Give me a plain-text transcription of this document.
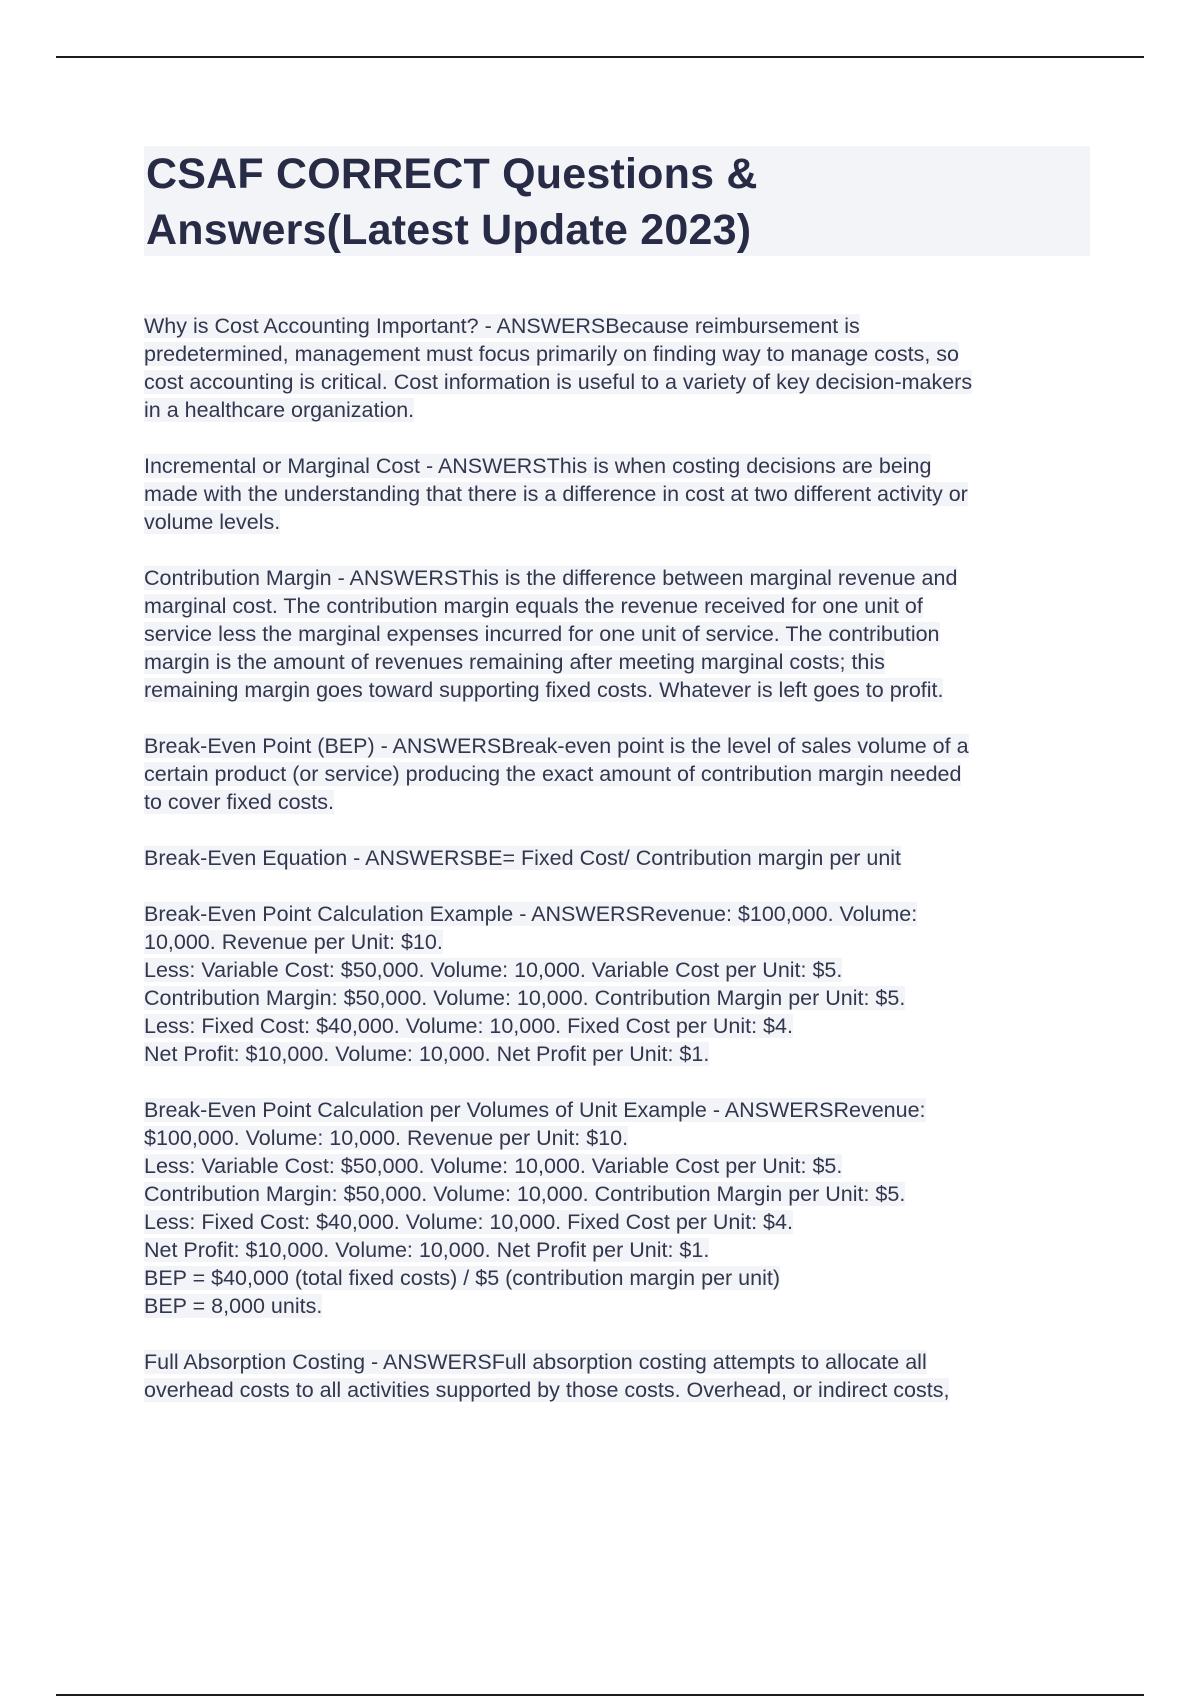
CSAF CORRECT Questions &
Answers(Latest Update 2023)
Why is Cost Accounting Important? - ANSWERSBecause reimbursement is
predetermined, management must focus primarily on finding way to manage costs, so
cost accounting is critical. Cost information is useful to a variety of key decision-makers
in a healthcare organization.
Incremental or Marginal Cost - ANSWERSThis is when costing decisions are being
made with the understanding that there is a difference in cost at two different activity or
volume levels.
Contribution Margin - ANSWERSThis is the difference between marginal revenue and
marginal cost. The contribution margin equals the revenue received for one unit of
service less the marginal expenses incurred for one unit of service. The contribution
margin is the amount of revenues remaining after meeting marginal costs; this
remaining margin goes toward supporting fixed costs. Whatever is left goes to profit.
Break-Even Point (BEP) - ANSWERSBreak-even point is the level of sales volume of a
certain product (or service) producing the exact amount of contribution margin needed
to cover fixed costs.
Break-Even Equation - ANSWERSBE= Fixed Cost/ Contribution margin per unit
Break-Even Point Calculation Example - ANSWERSRevenue: $100,000. Volume:
10,000. Revenue per Unit: $10.
Less: Variable Cost: $50,000. Volume: 10,000. Variable Cost per Unit: $5.
Contribution Margin: $50,000. Volume: 10,000. Contribution Margin per Unit: $5.
Less: Fixed Cost: $40,000. Volume: 10,000. Fixed Cost per Unit: $4.
Net Profit: $10,000. Volume: 10,000. Net Profit per Unit: $1.
Break-Even Point Calculation per Volumes of Unit Example - ANSWERSRevenue:
$100,000. Volume: 10,000. Revenue per Unit: $10.
Less: Variable Cost: $50,000. Volume: 10,000. Variable Cost per Unit: $5.
Contribution Margin: $50,000. Volume: 10,000. Contribution Margin per Unit: $5.
Less: Fixed Cost: $40,000. Volume: 10,000. Fixed Cost per Unit: $4.
Net Profit: $10,000. Volume: 10,000. Net Profit per Unit: $1.
BEP = $40,000 (total fixed costs) / $5 (contribution margin per unit)
BEP = 8,000 units.
Full Absorption Costing - ANSWERSFull absorption costing attempts to allocate all
overhead costs to all activities supported by those costs. Overhead, or indirect costs,
